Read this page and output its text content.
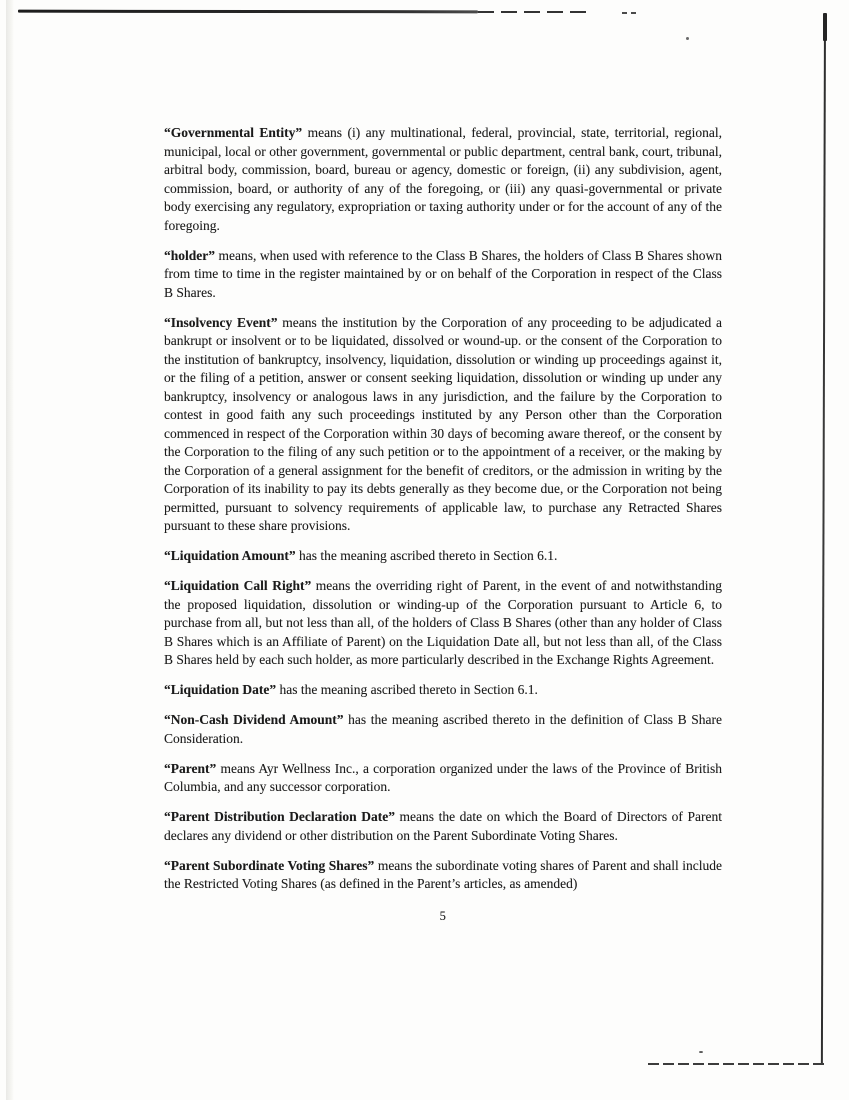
“Governmental Entity” means (i) any multinational, federal, provincial, state, territorial, regional, municipal, local or other government, governmental or public department, central bank, court, tribunal, arbitral body, commission, board, bureau or agency, domestic or foreign, (ii) any subdivision, agent, commission, board, or authority of any of the foregoing, or (iii) any quasi-governmental or private body exercising any regulatory, expropriation or taxing authority under or for the account of any of the foregoing.

“holder” means, when used with reference to the Class B Shares, the holders of Class B Shares shown from time to time in the register maintained by or on behalf of the Corporation in respect of the Class B Shares.

“Insolvency Event” means the institution by the Corporation of any proceeding to be adjudicated a bankrupt or insolvent or to be liquidated, dissolved or wound-up. or the consent of the Corporation to the institution of bankruptcy, insolvency, liquidation, dissolution or winding up proceedings against it, or the filing of a petition, answer or consent seeking liquidation, dissolution or winding up under any bankruptcy, insolvency or analogous laws in any jurisdiction, and the failure by the Corporation to contest in good faith any such proceedings instituted by any Person other than the Corporation commenced in respect of the Corporation within 30 days of becoming aware thereof, or the consent by the Corporation to the filing of any such petition or to the appointment of a receiver, or the making by the Corporation of a general assignment for the benefit of creditors, or the admission in writing by the Corporation of its inability to pay its debts generally as they become due, or the Corporation not being permitted, pursuant to solvency requirements of applicable law, to purchase any Retracted Shares pursuant to these share provisions.

“Liquidation Amount” has the meaning ascribed thereto in Section 6.1.

“Liquidation Call Right” means the overriding right of Parent, in the event of and notwithstanding the proposed liquidation, dissolution or winding-up of the Corporation pursuant to Article 6, to purchase from all, but not less than all, of the holders of Class B Shares (other than any holder of Class B Shares which is an Affiliate of Parent) on the Liquidation Date all, but not less than all, of the Class B Shares held by each such holder, as more particularly described in the Exchange Rights Agreement.

“Liquidation Date” has the meaning ascribed thereto in Section 6.1.

“Non-Cash Dividend Amount” has the meaning ascribed thereto in the definition of Class B Share Consideration.

“Parent” means Ayr Wellness Inc., a corporation organized under the laws of the Province of British Columbia, and any successor corporation.

“Parent Distribution Declaration Date” means the date on which the Board of Directors of Parent declares any dividend or other distribution on the Parent Subordinate Voting Shares.

“Parent Subordinate Voting Shares” means the subordinate voting shares of Parent and shall include the Restricted Voting Shares (as defined in the Parent’s articles, as amended)

5
